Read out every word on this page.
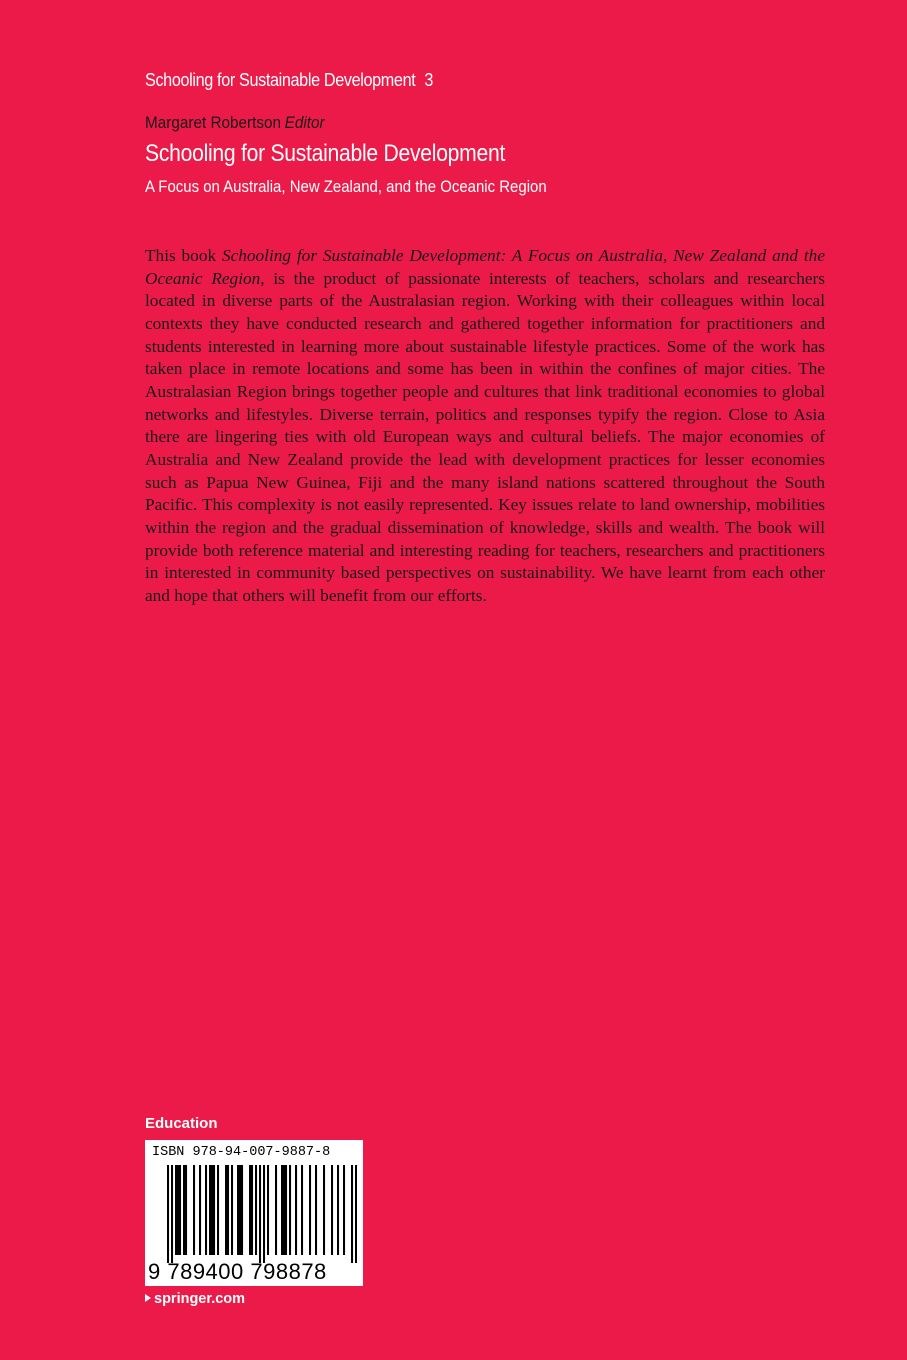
Schooling for Sustainable Development 3
Margaret Robertson Editor
Schooling for Sustainable Development
A Focus on Australia, New Zealand, and the Oceanic Region
This book Schooling for Sustainable Development: A Focus on Australia, New Zealand and the Oceanic Region, is the product of passionate interests of teachers, scholars and researchers located in diverse parts of the Australasian region. Working with their colleagues within local contexts they have conducted research and gathered together information for practitioners and students interested in learning more about sustainable lifestyle practices. Some of the work has taken place in remote locations and some has been in within the confines of major cities. The Australasian Region brings together people and cultures that link traditional economies to global networks and lifestyles. Diverse terrain, politics and responses typify the region. Close to Asia there are lingering ties with old European ways and cultural beliefs. The major economies of Australia and New Zealand provide the lead with development practices for lesser economies such as Papua New Guinea, Fiji and the many island nations scattered throughout the South Pacific. This complexity is not easily represented. Key issues relate to land ownership, mobilities within the region and the gradual dissemination of knowledge, skills and wealth. The book will provide both reference material and interesting reading for teachers, researchers and practitioners in interested in community based perspectives on sustainability. We have learnt from each other and hope that others will benefit from our efforts.
Education
ISBN 978-94-007-9887-8
9 789400 798878
springer.com
